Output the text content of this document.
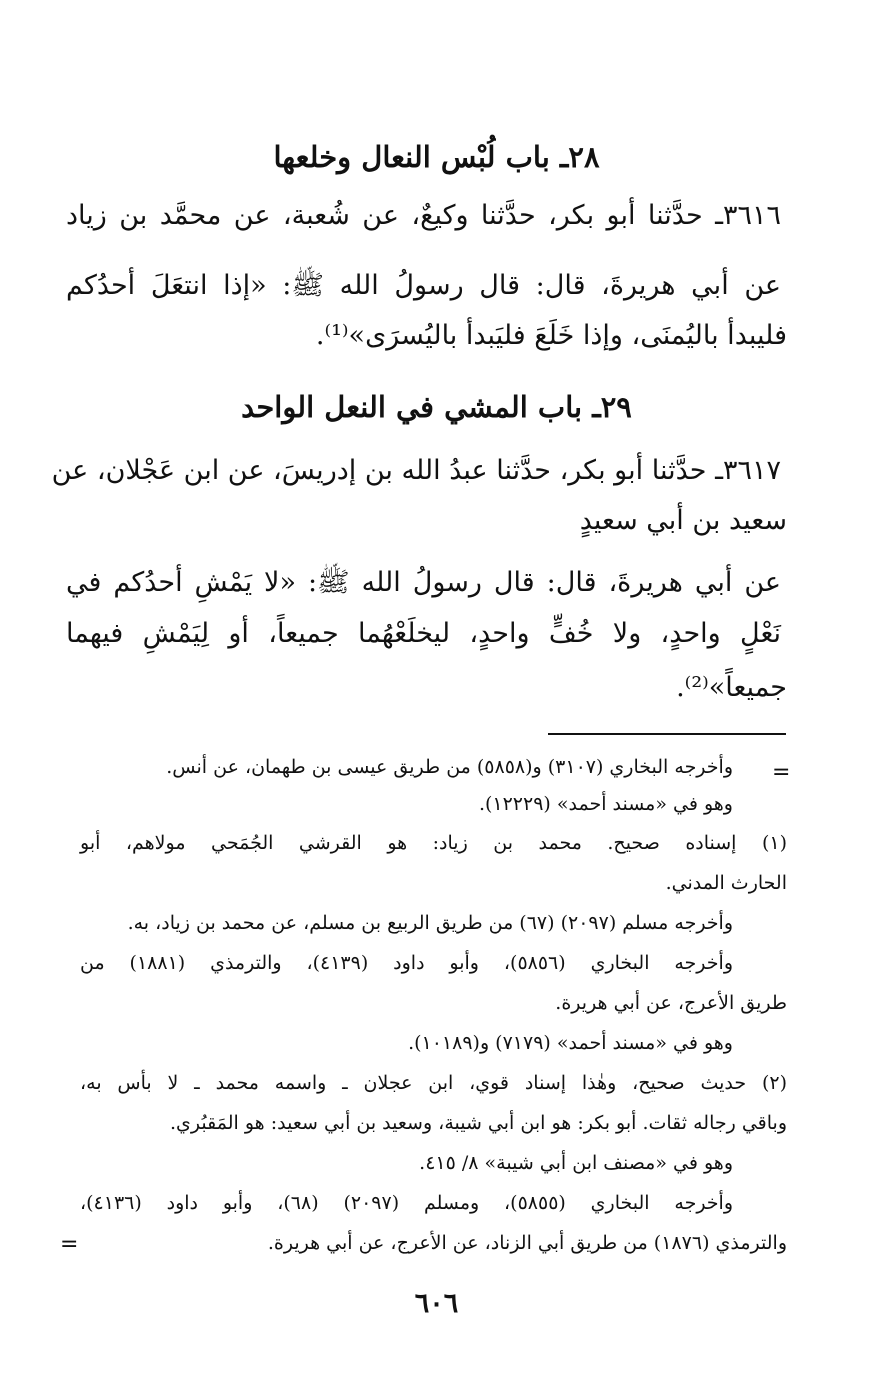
٢٨ـ باب لُبْس النعال وخلعها
٣٦١٦ـ حدَّثنا أبو بكر، حدَّثنا وكيعٌ، عن شُعبة، عن محمَّد بن زياد
عن أبي هريرةَ، قال: قال رسولُ الله ﷺ: «إذا انتعَلَ أحدُكم
فليبدأ باليُمنَى، وإذا خَلَعَ فليَبدأ باليُسرَى»⁽¹⁾.
٢٩ـ باب المشي في النعل الواحد
٣٦١٧ـ حدَّثنا أبو بكر، حدَّثنا عبدُ الله بن إدريسَ، عن ابن عَجْلان، عن
سعيد بن أبي سعيدٍ
عن أبي هريرةَ، قال: قال رسولُ الله ﷺ: «لا يَمْشِ أحدُكم في
نَعْلٍ واحدٍ، ولا خُفٍّ واحدٍ، ليخلَعْهُما جميعاً، أو لِيَمْشِ فيهما
جميعاً»⁽²⁾.
=
وأخرجه البخاري (٣١٠٧) و(٥٨٥٨) من طريق عيسى بن طهمان، عن أنس.
وهو في «مسند أحمد» (١٢٢٢٩).
(١) إسناده صحيح. محمد بن زياد: هو القرشي الجُمَحي مولاهم، أبو
الحارث المدني.
وأخرجه مسلم (٢٠٩٧) (٦٧) من طريق الربيع بن مسلم، عن محمد بن زياد، به.
وأخرجه البخاري (٥٨٥٦)، وأبو داود (٤١٣٩)، والترمذي (١٨٨١) من
طريق الأعرج، عن أبي هريرة.
وهو في «مسند أحمد» (٧١٧٩) و(١٠١٨٩).
(٢) حديث صحيح، وهٰذا إسناد قوي، ابن عجلان ـ واسمه محمد ـ لا بأس به،
وباقي رجاله ثقات. أبو بكر: هو ابن أبي شيبة، وسعيد بن أبي سعيد: هو المَقبُري.
وهو في «مصنف ابن أبي شيبة» ٨/ ٤١٥.
وأخرجه البخاري (٥٨٥٥)، ومسلم (٢٠٩٧) (٦٨)، وأبو داود (٤١٣٦)،
والترمذي (١٨٧٦) من طريق أبي الزناد، عن الأعرج، عن أبي هريرة.
=
٦٠٦
